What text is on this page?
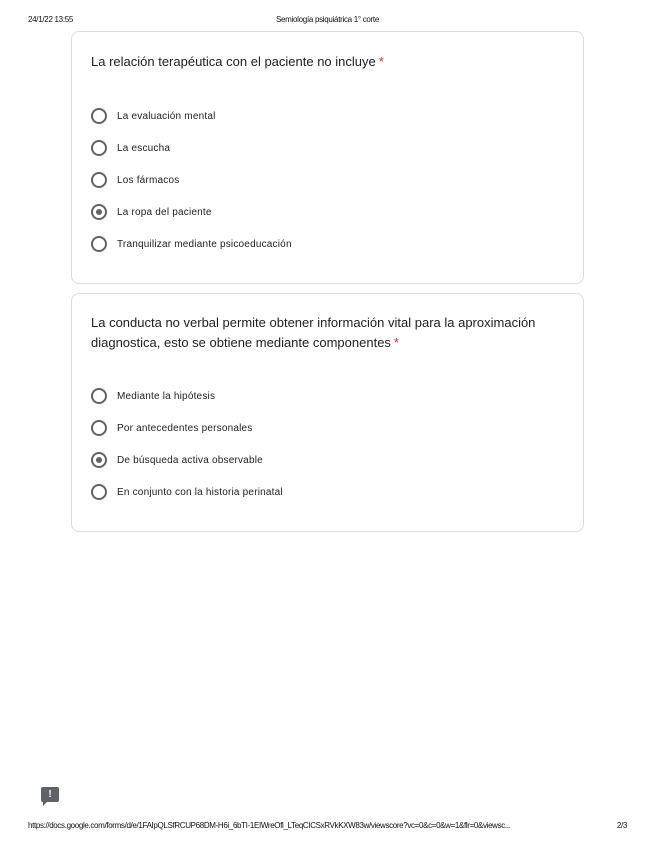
24/1/22 13:55	Semiología psiquiátrica 1° corte
La relación terapéutica con el paciente no incluye *
La evaluación mental
La escucha
Los fármacos
La ropa del paciente
Tranquilizar mediante psicoeducación
La conducta no verbal permite obtener información vital para la aproximación diagnostica, esto se obtiene mediante componentes *
Mediante la hipótesis
Por antecedentes personales
De búsqueda activa observable
En conjunto con la historia perinatal
!
https://docs.google.com/forms/d/e/1FAIpQLSfRCUP68DM-H6i_6bTI-1EIWreOfl_LTeqCICSxRVkKXW83w/viewscore?vc=0&c=0&w=1&flr=0&viewsc...	2/3
